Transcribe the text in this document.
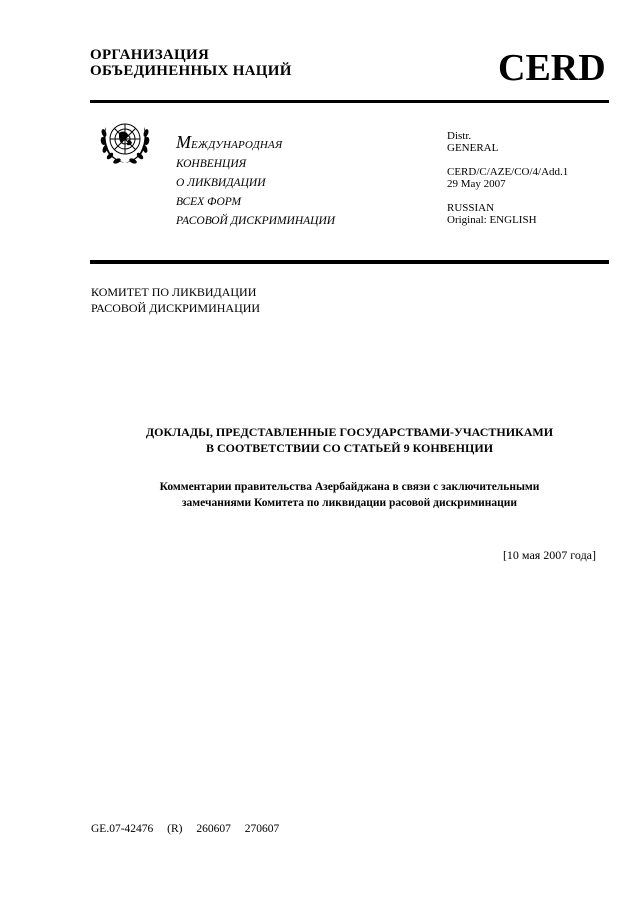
ОРГАНИЗАЦИЯ
ОБЪЕДИНЕННЫХ НАЦИЙ	CERD
МЕЖДУНАРОДНАЯ
КОНВЕНЦИЯ
О ЛИКВИДАЦИИ
ВСЕХ ФОРМ
РАСОВОЙ ДИСКРИМИНАЦИИ
Distr.
GENERAL
CERD/C/AZE/CO/4/Add.1
29 May 2007
RUSSIAN
Original: ENGLISH
КОМИТЕТ ПО ЛИКВИДАЦИИ
РАСОВОЙ ДИСКРИМИНАЦИИ
ДОКЛАДЫ, ПРЕДСТАВЛЕННЫЕ ГОСУДАРСТВАМИ-УЧАСТНИКАМИ
В СООТВЕТСТВИИ СО СТАТЬЕЙ 9 КОНВЕНЦИИ
Комментарии правительства Азербайджана в связи с заключительными
замечаниями Комитета по ликвидации расовой дискриминации
[10 мая 2007 года]
GE.07-42476 (R) 260607 270607
